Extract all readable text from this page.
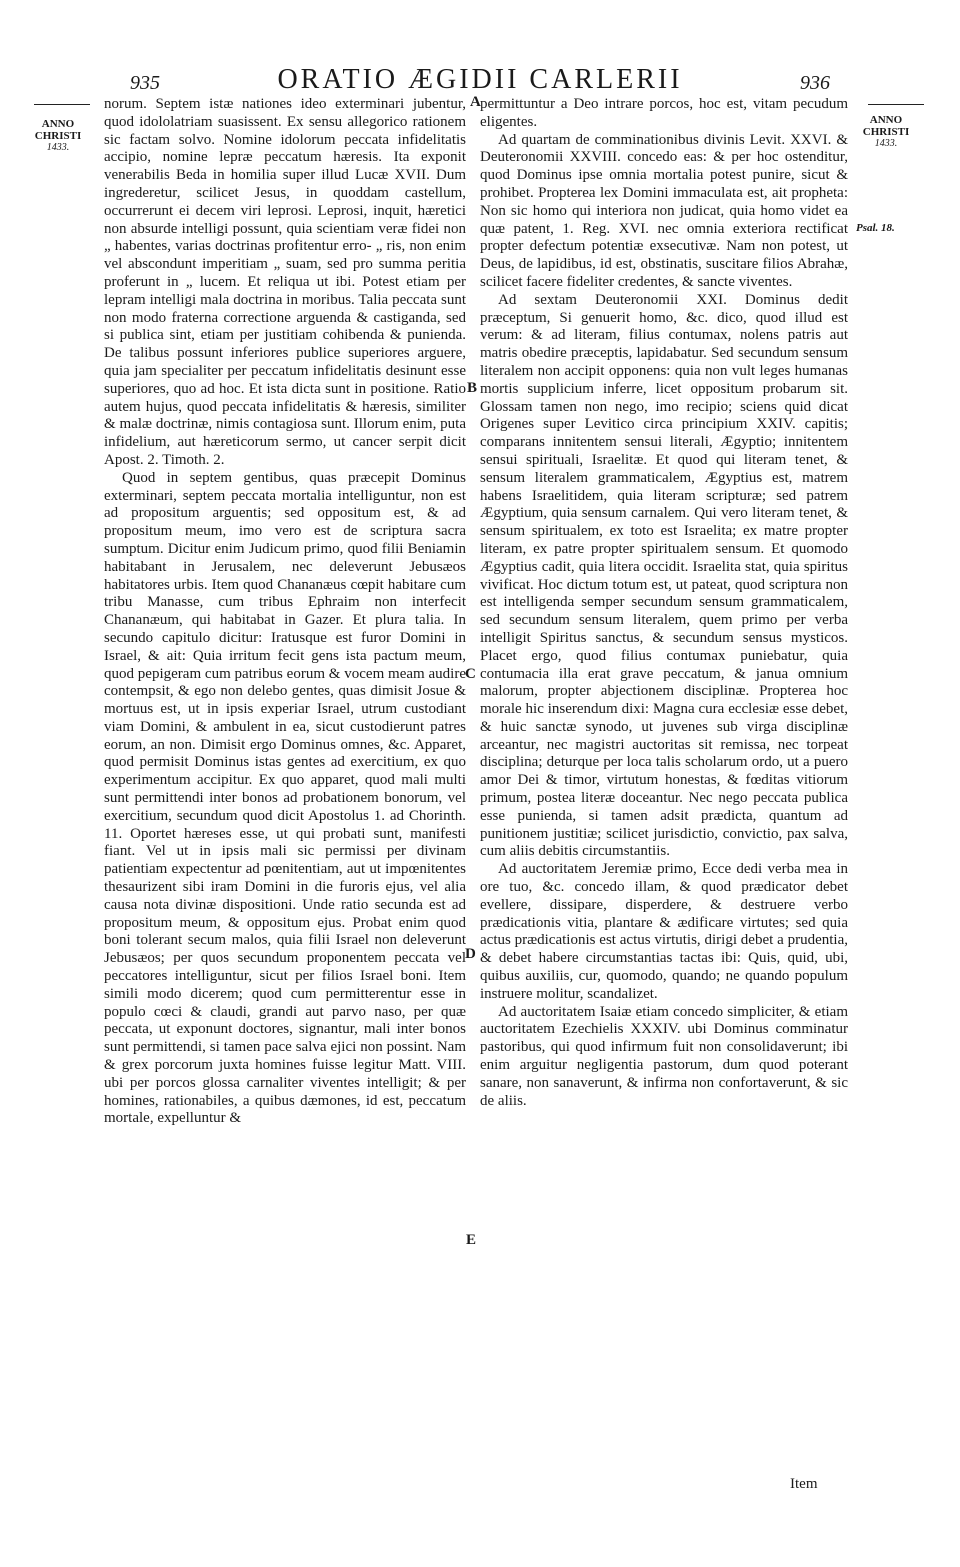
935	ORATIO ÆGIDII CARLERII	936
ANNO
CHRISTI
1433.
ANNO
CHRISTI
1433.
Psal. 18.
A
B
C
D
E

norum. Septem istæ nationes ideo exterminari jubentur, quod idololatriam suasissent. Ex sensu allegorico rationem sic factam solvo. Nomine idolorum peccata infidelitatis accipio, nomine lepræ peccatum hæresis. Ita exponit venerabilis Beda in homilia super illud Lucæ XVII. Dum ingrederetur, scilicet Jesus, in quoddam castellum, occurrerunt ei decem viri leprosi. Leprosi, inquit, hæretici non absurde intelligi possunt, quia scientiam veræ fidei non „ habentes, varias doctrinas profitentur erro- „ ris, non enim vel abscondunt imperitiam „ suam, sed pro summa peritia proferunt in „ lucem. Et reliqua ut ibi. Potest etiam per lepram intelligi mala doctrina in moribus. Talia peccata sunt non modo fraterna correctione arguenda & castiganda, sed si publica sint, etiam per justitiam cohibenda & punienda. De talibus possunt inferiores publice superiores arguere, quia jam specialiter per peccatum infidelitatis desinunt esse superiores, quo ad hoc. Et ista dicta sunt in positione. Ratio autem hujus, quod peccata infidelitatis & hæresis, similiter & malæ doctrinæ, nimis contagiosa sunt. Illorum enim, puta infidelium, aut hæreticorum sermo, ut cancer serpit dicit Apost. 2. Timoth. 2.

Quod in septem gentibus, quas præcepit Dominus exterminari, septem peccata mortalia intelliguntur, non est ad propositum arguentis; sed oppositum est, & ad propositum meum, imo vero est de scriptura sacra sumptum. Dicitur enim Judicum primo, quod filii Beniamin habitabant in Jerusalem, nec deleverunt Jebusæos habitatores urbis. Item quod Chananæus cœpit habitare cum tribu Manasse, cum tribus Ephraim non interfecit Chananæum, qui habitabat in Gazer. Et plura talia. In secundo capitulo dicitur: Iratusque est furor Domini in Israel, & ait: Quia irritum fecit gens ista pactum meum, quod pepigeram cum patribus eorum & vocem meam audire contempsit, & ego non delebo gentes, quas dimisit Josue & mortuus est, ut in ipsis experiar Israel, utrum custodiant viam Domini, & ambulent in ea, sicut custodierunt patres eorum, an non. Dimisit ergo Dominus omnes, &c. Apparet, quod permisit Dominus istas gentes ad exercitium, ex quo experimentum accipitur. Ex quo apparet, quod mali multi sunt permittendi inter bonos ad probationem bonorum, vel exercitium, secundum quod dicit Apostolus 1. ad Chorinth. 11. Oportet hæreses esse, ut qui probati sunt, manifesti fiant. Vel ut in ipsis mali sic permissi per divinam patientiam expectentur ad pœnitentiam, aut ut impœnitentes thesaurizent sibi iram Domini in die furoris ejus, vel alia causa nota divinæ dispositioni. Unde ratio secunda est ad propositum meum, & oppositum ejus. Probat enim quod boni tolerant secum malos, quia filii Israel non deleverunt Jebusæos; per quos secundum proponentem peccata vel peccatores intelliguntur, sicut per filios Israel boni. Item simili modo dicerem; quod cum permitterentur esse in populo cœci & claudi, grandi aut parvo naso, per quæ peccata, ut exponunt doctores, signantur, mali inter bonos sunt permittendi, si tamen pace salva ejici non possint. Nam & grex porcorum juxta homines fuisse legitur Matt. VIII. ubi per porcos glossa carnaliter viventes intelligit; & per homines, rationabiles, a quibus dæmones, id est, peccatum mortale, expelluntur &

permittuntur a Deo intrare porcos, hoc est, vitam pecudum eligentes.

Ad quartam de comminationibus divinis Levit. XXVI. & Deuteronomii XXVIII. concedo eas: & per hoc ostenditur, quod Dominus ipse omnia mortalia potest punire, sicut & prohibet. Propterea lex Domini immaculata est, ait propheta: Non sic homo qui interiora non judicat, quia homo videt ea quæ patent, 1. Reg. XVI. nec omnia exteriora rectificat propter defectum potentiæ exsecutivæ. Nam non potest, ut Deus, de lapidibus, id est, obstinatis, suscitare filios Abrahæ, scilicet facere fideliter credentes, & sancte viventes.

Ad sextam Deuteronomii XXI. Dominus dedit præceptum, Si genuerit homo, &c. dico, quod illud est verum: & ad literam, filius contumax, nolens patris aut matris obedire præceptis, lapidabatur. Sed secundum sensum literalem non accipit opponens: quia non vult leges humanas mortis supplicium inferre, licet oppositum probarum sit. Glossam tamen non nego, imo recipio; sciens quid dicat Origenes super Levitico circa principium XXIV. capitis; comparans innitentem sensui literali, Ægyptio; innitentem sensui spirituali, Israelitæ. Et quod qui literam tenet, & sensum literalem grammaticalem, Ægyptius est, matrem habens Israelitidem, quia literam scripturæ; sed patrem Ægyptium, quia sensum carnalem. Qui vero literam tenet, & sensum spiritualem, ex toto est Israelita; ex matre propter literam, ex patre propter spiritualem sensum. Et quomodo Ægyptius cadit, quia litera occidit. Israelita stat, quia spiritus vivificat. Hoc dictum totum est, ut pateat, quod scriptura non est intelligenda semper secundum sensum grammaticalem, sed secundum sensum literalem, quem primo per verba intelligit Spiritus sanctus, & secundum sensus mysticos. Placet ergo, quod filius contumax puniebatur, quia contumacia illa erat grave peccatum, & janua omnium malorum, propter abjectionem disciplinæ. Propterea hoc morale hic inserendum dixi: Magna cura ecclesiæ esse debet, & huic sanctæ synodo, ut juvenes sub virga disciplinæ arceantur, nec magistri auctoritas sit remissa, nec torpeat disciplina; deturque per loca talis scholarum ordo, ut a puero amor Dei & timor, virtutum honestas, & fœditas vitiorum primum, postea literæ doceantur. Nec nego peccata publica esse punienda, si tamen adsit prædicta, quantum ad punitionem justitiæ; scilicet jurisdictio, convictio, pax salva, cum aliis debitis circumstantiis.

Ad auctoritatem Jeremiæ primo, Ecce dedi verba mea in ore tuo, &c. concedo illam, & quod prædicator debet evellere, dissipare, disperdere, & destruere verbo prædicationis vitia, plantare & ædificare virtutes; sed quia actus prædicationis est actus virtutis, dirigi debet a prudentia, & debet habere circumstantias tactas ibi: Quis, quid, ubi, quibus auxiliis, cur, quomodo, quando; ne quando populum instruere molitur, scandalizet.

Ad auctoritatem Isaiæ etiam concedo simpliciter, & etiam auctoritatem Ezechielis XXXIV. ubi Dominus comminatur pastoribus, qui quod infirmum fuit non consolidaverunt; ibi enim arguitur negligentia pastorum, dum quod poterant sanare, non sanaverunt, & infirma non confortaverunt, & sic de aliis.

Item
